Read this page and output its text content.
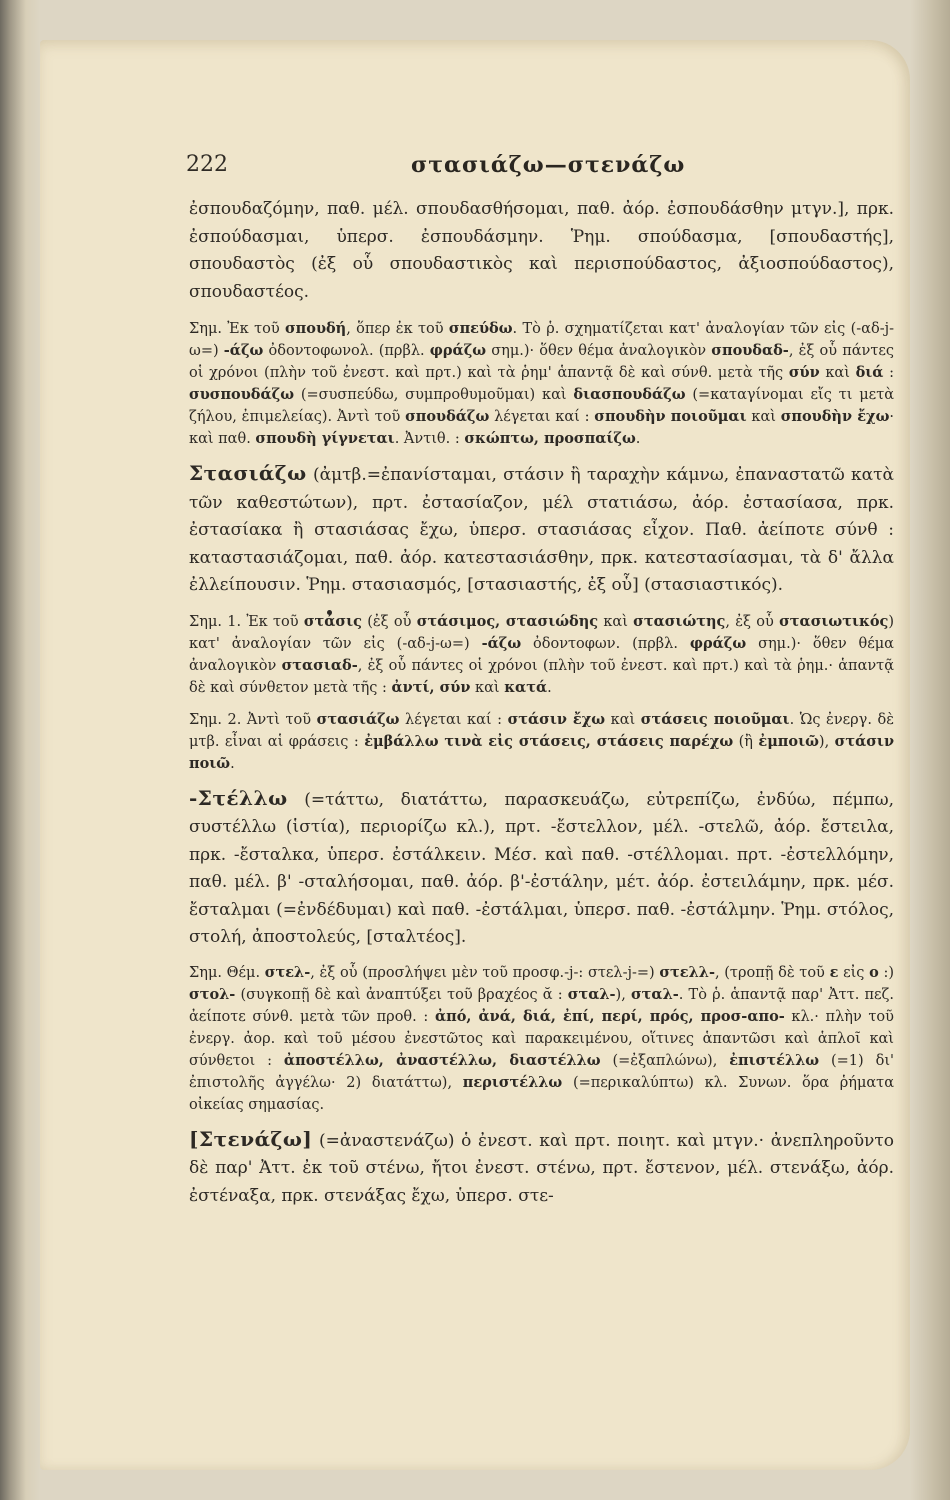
222	στασιάζω—στενάζω

ἐσπουδαζόμην, παθ. μέλ. σπουδασθήσομαι, παθ. ἀόρ. ἐσπουδάσθην μτγν.], πρκ. ἐσπούδασμαι, ὑπερσ. ἐσπουδάσμην. Ῥημ. σπούδασμα, [σπουδαστής], σπουδαστὸς (ἐξ οὗ σπουδαστικὸς καὶ περισπούδαστος, ἀξιοσπούδαστος), σπουδαστέος.

Σημ. Ἐκ τοῦ σπουδή, ὅπερ ἐκ τοῦ σπεύδω. Τὸ ῥ. σχηματίζεται κατ' ἀναλογίαν τῶν εἰς (-αδ-j-ω=) -άζω ὀδοντοφωνολ. (πρβλ. φράζω σημ.)· ὅθεν θέμα ἀναλογικὸν σπουδαδ-, ἐξ οὗ πάντες οἱ χρόνοι (πλὴν τοῦ ἐνεστ. καὶ πρτ.) καὶ τὰ ῥημ' ἁπαντᾷ δὲ καὶ σύνθ. μετὰ τῆς σύν καὶ διά : συσπουδάζω (=συσπεύδω, συμπροθυμοῦμαι) καὶ διασπουδάζω (=καταγίνομαι εἴς τι μετὰ ζήλου, ἐπιμελείας). Ἀντὶ τοῦ σπουδάζω λέγεται καί : σπουδὴν ποιοῦμαι καὶ σπουδὴν ἔχω· καὶ παθ. σπουδὴ γίγνεται. Ἀντιθ. : σκώπτω, προσπαίζω.

Στασιάζω (ἀμτβ.=ἐπανίσταμαι, στάσιν ἢ ταραχὴν κάμνω, ἐπαναστατῶ κατὰ τῶν καθεστώτων), πρτ. ἐστασίαζον, μέλ στατιάσω, ἀόρ. ἐστασίασα, πρκ. ἐστασίακα ἢ στασιάσας ἔχω, ὑπερσ. στασιάσας εἶχον. Παθ. ἀείποτε σύνθ : καταστασιάζομαι, παθ. ἀόρ. κατεστασιάσθην, πρκ. κατεστασίασμαι, τὰ δ' ἄλλα ἐλλείπουσιν. Ῥημ. στασιασμός, [στασιαστής, ἐξ οὗ] (στασιαστικός).

Σημ. 1. Ἐκ τοῦ στάσις (ἐξ οὗ στάσιμος, στασιώδης καὶ στασιώτης, ἐξ οὗ στασιωτικός) κατ' ἀναλογίαν τῶν εἰς (-αδ-j-ω=) -άζω ὀδοντοφων. (πρβλ. φράζω σημ.)· ὅθεν θέμα ἀναλογικὸν στασιαδ-, ἐξ οὗ πάντες οἱ χρόνοι (πλὴν τοῦ ἐνεστ. καὶ πρτ.) καὶ τὰ ῥημ.· ἁπαντᾷ δὲ καὶ σύνθετον μετὰ τῆς : ἀντί, σύν καὶ κατά.

Σημ. 2. Ἀντὶ τοῦ στασιάζω λέγεται καί : στάσιν ἔχω καὶ στάσεις ποιοῦμαι. Ὡς ἐνεργ. δὲ μτβ. εἶναι αἱ φράσεις : ἐμβάλλω τινὰ εἰς στάσεις, στάσεις παρέχω (ἢ ἐμποιῶ), στάσιν ποιῶ.

-Στέλλω (=τάττω, διατάττω, παρασκευάζω, εὐτρεπίζω, ἐνδύω, πέμπω, συστέλλω (ἱστία), περιορίζω κλ.), πρτ. -ἔστελλον, μέλ. -στελῶ, ἀόρ. ἔστειλα, πρκ. -ἔσταλκα, ὑπερσ. ἐστάλκειν. Μέσ. καὶ παθ. -στέλλομαι. πρτ. -ἐστελλόμην, παθ. μέλ. β' -σταλήσομαι, παθ. ἀόρ. β'-ἐστάλην, μέτ. ἀόρ. ἐστειλάμην, πρκ. μέσ. ἔσταλμαι (=ἐνδέδυμαι) καὶ παθ. -ἐστάλμαι, ὑπερσ. παθ. -ἐστάλμην. Ῥημ. στόλος, στολή, ἀποστολεύς, [σταλτέος].

Σημ. Θέμ. στελ-, ἐξ οὗ (προσλήψει μὲν τοῦ προσφ.-j-: στελ-j-=) στελλ-, (τροπῇ δὲ τοῦ ε εἰς ο :) στολ- (συγκοπῇ δὲ καὶ ἀναπτύξει τοῦ βραχέος ᾰ : σταλ-), σταλ-. Τὸ ῥ. ἁπαντᾷ παρ' Ἀττ. πεζ. ἀείποτε σύνθ. μετὰ τῶν προθ. : ἀπό, ἀνά, διά, ἐπί, περί, πρός, προσ-απο- κλ.· πλὴν τοῦ ἐνεργ. ἀορ. καὶ τοῦ μέσου ἐνεστῶτος καὶ παρακειμένου, οἵτινες ἁπαντῶσι καὶ ἁπλοῖ καὶ σύνθετοι : ἀποστέλλω, ἀναστέλλω, διαστέλλω (=ἐξαπλώνω), ἐπιστέλλω (=1) δι' ἐπιστολῆς ἀγγέλω· 2) διατάττω), περιστέλλω (=περικαλύπτω) κλ. Συνων. ὅρα ῥήματα οἰκείας σημασίας.

[Στενάζω] (=ἀναστενάζω) ὁ ἐνεστ. καὶ πρτ. ποιητ. καὶ μτγν.· ἀνεπληροῦντο δὲ παρ' Ἀττ. ἐκ τοῦ στένω, ἤτοι ἐνεστ. στένω, πρτ. ἔστενον, μέλ. στενάξω, ἀόρ. ἐστέναξα, πρκ. στενάξας ἔχω, ὑπερσ. στε-
